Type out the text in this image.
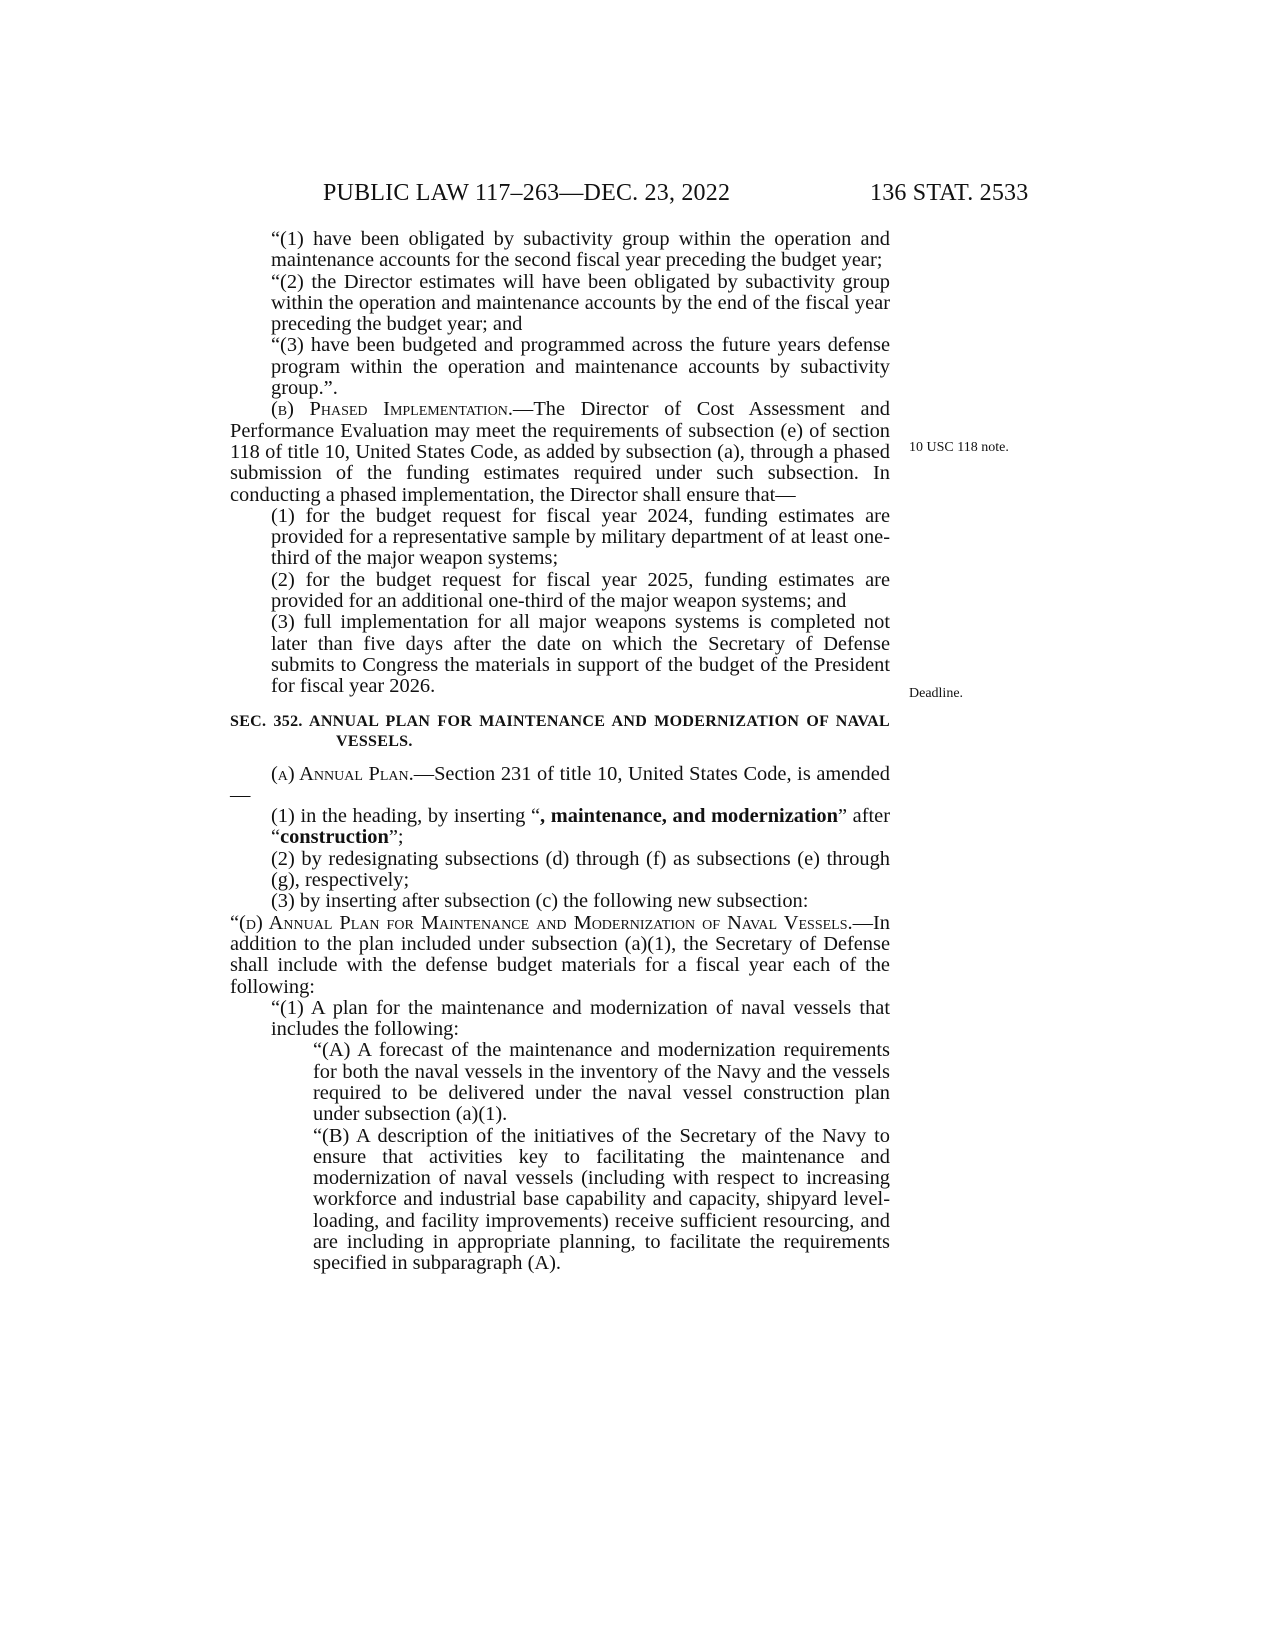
PUBLIC LAW 117–263—DEC. 23, 2022	136 STAT. 2533

“(1) have been obligated by subactivity group within the operation and maintenance accounts for the second fiscal year preceding the budget year;

“(2) the Director estimates will have been obligated by subactivity group within the operation and maintenance accounts by the end of the fiscal year preceding the budget year; and

“(3) have been budgeted and programmed across the future years defense program within the operation and maintenance accounts by subactivity group.”.

(b) Phased Implementation.—The Director of Cost Assessment and Performance Evaluation may meet the requirements of subsection (e) of section 118 of title 10, United States Code, as added by subsection (a), through a phased submission of the funding estimates required under such subsection. In conducting a phased implementation, the Director shall ensure that—

(1) for the budget request for fiscal year 2024, funding estimates are provided for a representative sample by military department of at least one-third of the major weapon systems;

(2) for the budget request for fiscal year 2025, funding estimates are provided for an additional one-third of the major weapon systems; and

(3) full implementation for all major weapons systems is completed not later than five days after the date on which the Secretary of Defense submits to Congress the materials in support of the budget of the President for fiscal year 2026.

SEC. 352. ANNUAL PLAN FOR MAINTENANCE AND MODERNIZATION OF NAVAL VESSELS.

(a) Annual Plan.—Section 231 of title 10, United States Code, is amended—

(1) in the heading, by inserting “, maintenance, and modernization” after “construction”;

(2) by redesignating subsections (d) through (f) as subsections (e) through (g), respectively;

(3) by inserting after subsection (c) the following new subsection:

“(d) Annual Plan for Maintenance and Modernization of Naval Vessels.—In addition to the plan included under subsection (a)(1), the Secretary of Defense shall include with the defense budget materials for a fiscal year each of the following:

“(1) A plan for the maintenance and modernization of naval vessels that includes the following:

“(A) A forecast of the maintenance and modernization requirements for both the naval vessels in the inventory of the Navy and the vessels required to be delivered under the naval vessel construction plan under subsection (a)(1).

“(B) A description of the initiatives of the Secretary of the Navy to ensure that activities key to facilitating the maintenance and modernization of naval vessels (including with respect to increasing workforce and industrial base capability and capacity, shipyard level-loading, and facility improvements) receive sufficient resourcing, and are including in appropriate planning, to facilitate the requirements specified in subparagraph (A).

10 USC 118 note.
Deadline.
